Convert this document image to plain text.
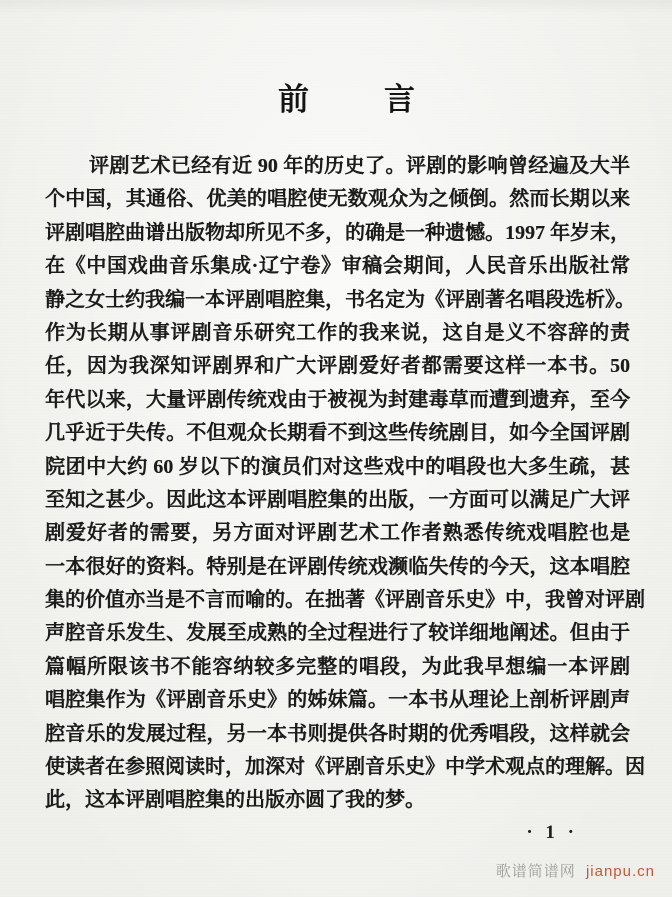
前言
评剧艺术已经有近 90 年的历史了。评剧的影响曾经遍及大半
个中国，其通俗、优美的唱腔使无数观众为之倾倒。然而长期以来
评剧唱腔曲谱出版物却所见不多，的确是一种遗憾。1997 年岁末，
在《中国戏曲音乐集成·辽宁卷》审稿会期间，人民音乐出版社常
静之女士约我编一本评剧唱腔集，书名定为《评剧著名唱段选析》。
作为长期从事评剧音乐研究工作的我来说，这自是义不容辞的责
任，因为我深知评剧界和广大评剧爱好者都需要这样一本书。50
年代以来，大量评剧传统戏由于被视为封建毒草而遭到遗弃，至今
几乎近于失传。不但观众长期看不到这些传统剧目，如今全国评剧
院团中大约 60 岁以下的演员们对这些戏中的唱段也大多生疏，甚
至知之甚少。因此这本评剧唱腔集的出版，一方面可以满足广大评
剧爱好者的需要，另方面对评剧艺术工作者熟悉传统戏唱腔也是
一本很好的资料。特别是在评剧传统戏濒临失传的今天，这本唱腔
集的价值亦当是不言而喻的。在拙著《评剧音乐史》中，我曾对评剧
声腔音乐发生、发展至成熟的全过程进行了较详细地阐述。但由于
篇幅所限该书不能容纳较多完整的唱段，为此我早想编一本评剧
唱腔集作为《评剧音乐史》的姊妹篇。一本书从理论上剖析评剧声
腔音乐的发展过程，另一本书则提供各时期的优秀唱段，这样就会
使读者在参照阅读时，加深对《评剧音乐史》中学术观点的理解。因
此，这本评剧唱腔集的出版亦圆了我的梦。
· 1 ·
歌谱简谱网 jianpu.cn
